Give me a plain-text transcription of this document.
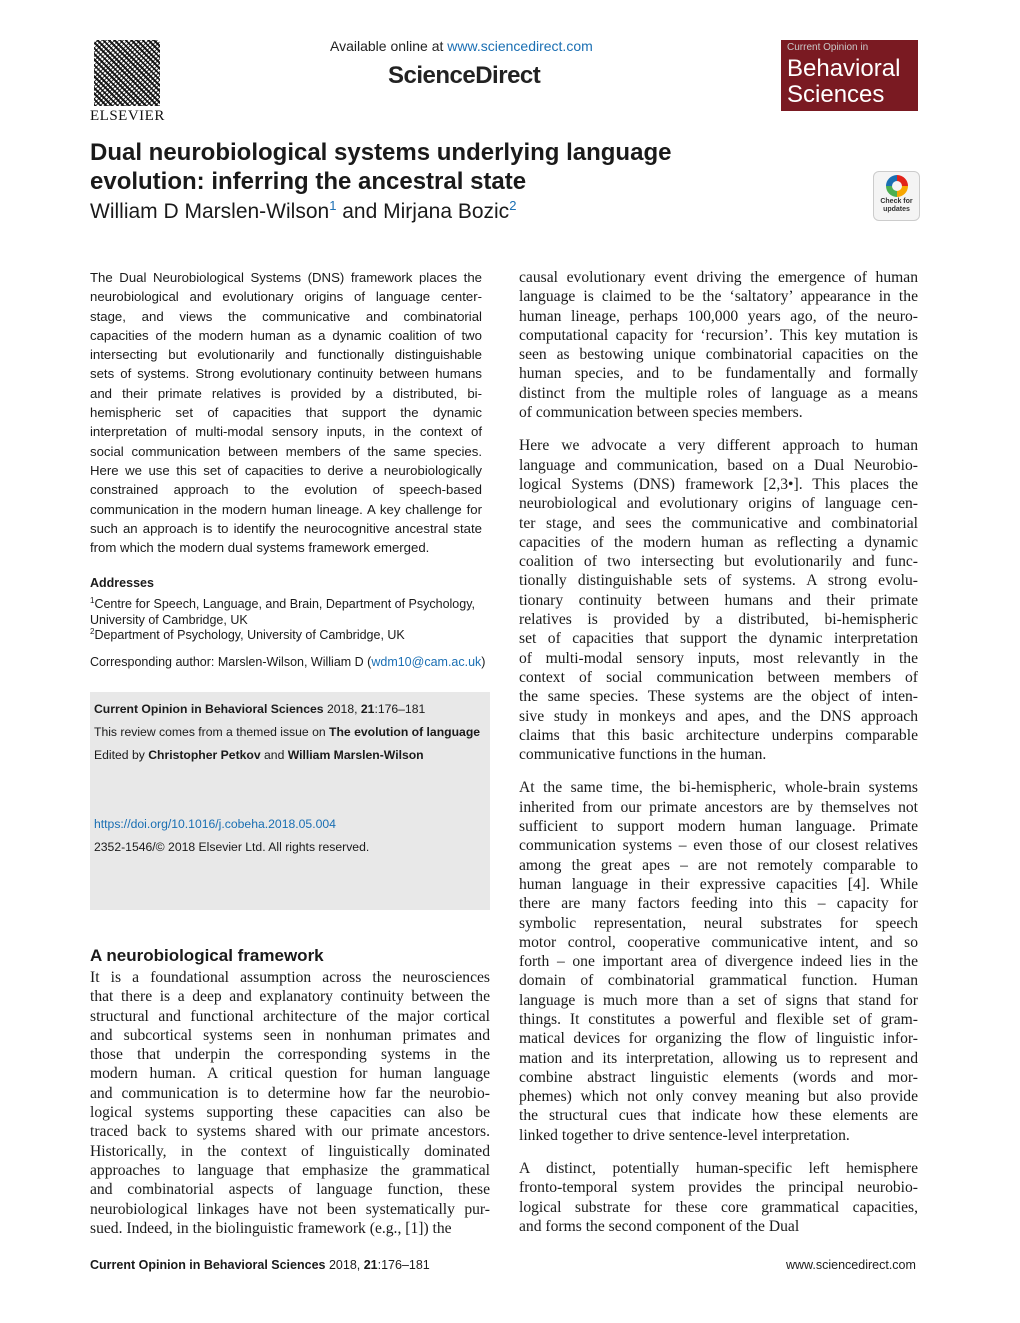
ELSEVIER
Available online at www.sciencedirect.com
ScienceDirect
Current Opinion in
Behavioral
Sciences
Dual neurobiological systems underlying language
evolution: inferring the ancestral state
William D Marslen-Wilson$^1$ and Mirjana Bozic$^2$	Check for updates
The Dual Neurobiological Systems (DNS) framework places the
neurobiological and evolutionary origins of language center-
stage, and views the communicative and combinatorial
capacities of the modern human as a dynamic coalition of two
intersecting but evolutionarily and functionally distinguishable
sets of systems. Strong evolutionary continuity between humans
and their primate relatives is provided by a distributed, bi-
hemispheric set of capacities that support the dynamic
interpretation of multi-modal sensory inputs, in the context of
social communication between members of the same species.
Here we use this set of capacities to derive a neurobiologically
constrained approach to the evolution of speech-based
communication in the modern human lineage. A key challenge for
such an approach is to identify the neurocognitive ancestral state
from which the modern dual systems framework emerged.
Addresses
$^1$Centre for Speech, Language, and Brain, Department of Psychology,
University of Cambridge, UK
$^2$Department of Psychology, University of Cambridge, UK
Corresponding author: Marslen-Wilson, William D (wdm10@cam.ac.uk)
Current Opinion in Behavioral Sciences 2018, 21:176–181
This review comes from a themed issue on The evolution of language
Edited by Christopher Petkov and William Marslen-Wilson
https://doi.org/10.1016/j.cobeha.2018.05.004
2352-1546/© 2018 Elsevier Ltd. All rights reserved.
A neurobiological framework
It is a foundational assumption across the neurosciences
that there is a deep and explanatory continuity between the
structural and functional architecture of the major cortical
and subcortical systems seen in nonhuman primates and
those that underpin the corresponding systems in the
modern human. A critical question for human language
and communication is to determine how far the neurobio-
logical systems supporting these capacities can also be
traced back to systems shared with our primate ancestors.
Historically, in the context of linguistically dominated
approaches to language that emphasize the grammatical
and combinatorial aspects of language function, these
neurobiological linkages have not been systematically pur-
sued. Indeed, in the biolinguistic framework (e.g., [1]) the

causal evolutionary event driving the emergence of human
language is claimed to be the ‘saltatory’ appearance in the
human lineage, perhaps 100,000 years ago, of the neuro-
computational capacity for ‘recursion’. This key mutation is
seen as bestowing unique combinatorial capacities on the
human species, and to be fundamentally and formally
distinct from the multiple roles of language as a means
of communication between species members.

Here we advocate a very different approach to human
language and communication, based on a Dual Neurobio-
logical Systems (DNS) framework [2,3•]. This places the
neurobiological and evolutionary origins of language cen-
ter stage, and sees the communicative and combinatorial
capacities of the modern human as reflecting a dynamic
coalition of two intersecting but evolutionarily and func-
tionally distinguishable sets of systems. A strong evolu-
tionary continuity between humans and their primate
relatives is provided by a distributed, bi-hemispheric
set of capacities that support the dynamic interpretation
of multi-modal sensory inputs, most relevantly in the
context of social communication between members of
the same species. These systems are the object of inten-
sive study in monkeys and apes, and the DNS approach
claims that this basic architecture underpins comparable
communicative functions in the human.

At the same time, the bi-hemispheric, whole-brain systems
inherited from our primate ancestors are by themselves not
sufficient to support modern human language. Primate
communication systems – even those of our closest relatives
among the great apes – are not remotely comparable to
human language in their expressive capacities [4]. While
there are many factors feeding into this – capacity for
symbolic representation, neural substrates for speech
motor control, cooperative communicative intent, and so
forth – one important area of divergence indeed lies in the
domain of combinatorial grammatical function. Human
language is much more than a set of signs that stand for
things. It constitutes a powerful and flexible set of gram-
matical devices for organizing the flow of linguistic infor-
mation and its interpretation, allowing us to represent and
combine abstract linguistic elements (words and mor-
phemes) which not only convey meaning but also provide
the structural cues that indicate how these elements are
linked together to drive sentence-level interpretation.

A distinct, potentially human-specific left hemisphere
fronto-temporal system provides the principal neurobio-
logical substrate for these core grammatical capacities,
and forms the second component of the Dual

Current Opinion in Behavioral Sciences 2018, 21:176–181	www.sciencedirect.com
